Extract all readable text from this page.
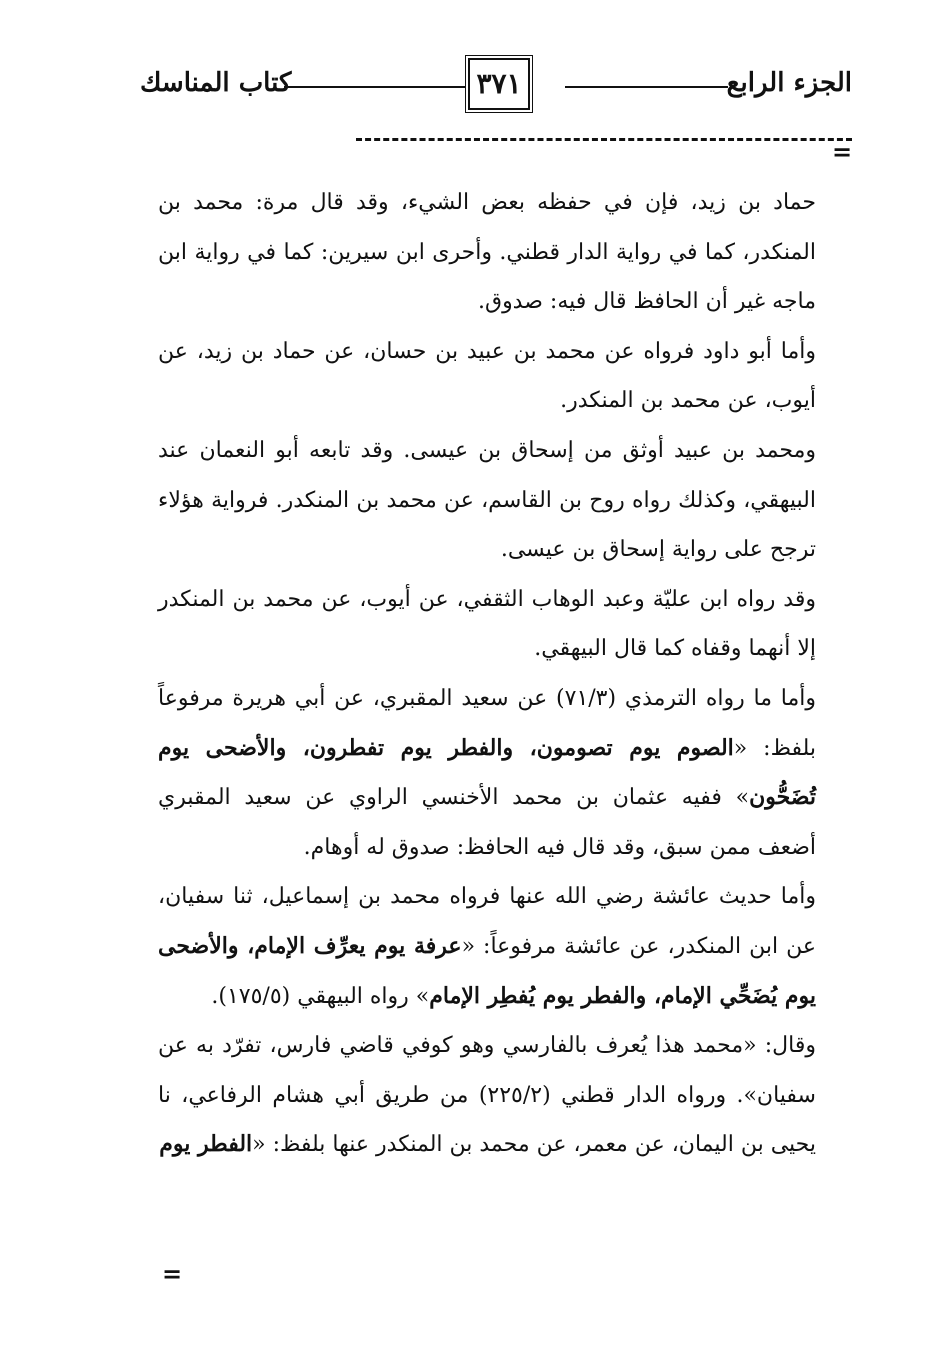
الجزء الرابع
٣٧١
كتاب المناسك
=

حماد بن زيد، فإن في حفظه بعض الشيء، وقد قال مرة: محمد بن المنكدر، كما في رواية الدار قطني. وأحرى ابن سيرين: كما في رواية ابن ماجه غير أن الحافظ قال فيه: صدوق.

وأما أبو داود فرواه عن محمد بن عبيد بن حسان، عن حماد بن زيد، عن أيوب، عن محمد بن المنكدر.

ومحمد بن عبيد أوثق من إسحاق بن عيسى. وقد تابعه أبو النعمان عند البيهقي، وكذلك رواه روح بن القاسم، عن محمد بن المنكدر. فرواية هؤلاء ترجح على رواية إسحاق بن عيسى.

وقد رواه ابن عليّة وعبد الوهاب الثقفي، عن أيوب، عن محمد بن المنكدر إلا أنهما وقفاه كما قال البيهقي.

وأما ما رواه الترمذي (٧١/٣) عن سعيد المقبري، عن أبي هريرة مرفوعاً بلفظ: «الصوم يوم تصومون، والفطر يوم تفطرون، والأضحى يوم تُضَحُّون» ففيه عثمان بن محمد الأخنسي الراوي عن سعيد المقبري أضعف ممن سبق، وقد قال فيه الحافظ: صدوق له أوهام.

وأما حديث عائشة رضي الله عنها فرواه محمد بن إسماعيل، ثنا سفيان، عن ابن المنكدر، عن عائشة مرفوعاً: «عرفة يوم يعرِّف الإمام، والأضحى يوم يُضَحِّي الإمام، والفطر يوم يُفطِر الإمام» رواه البيهقي (١٧٥/٥).

وقال: «محمد هذا يُعرف بالفارسي وهو كوفي قاضي فارس، تفرّد به عن سفيان». ورواه الدار قطني (٢٢٥/٢) من طريق أبي هشام الرفاعي، نا يحيى بن اليمان، عن معمر، عن محمد بن المنكدر عنها بلفظ: «الفطر يوم

=
